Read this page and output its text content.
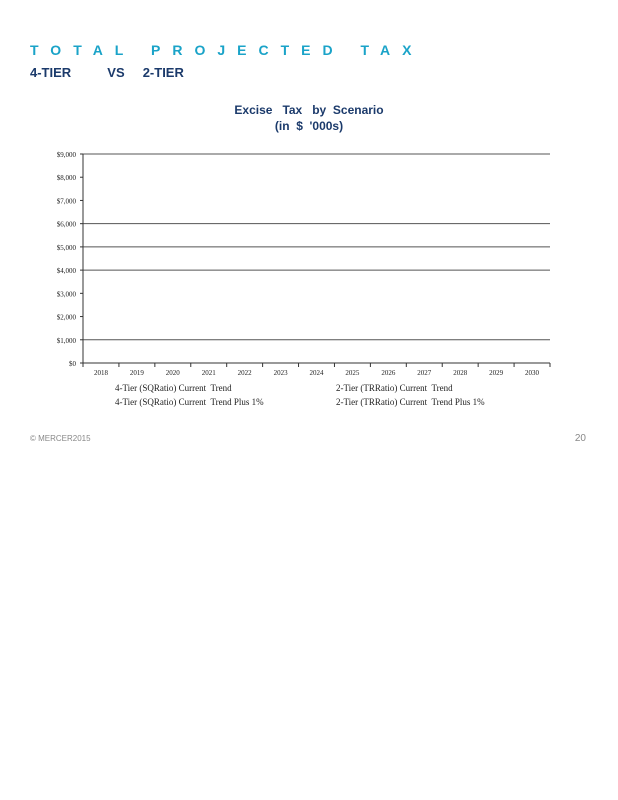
TOTAL PROJECTED TAX
4-TIER          VS     2-TIER
Excise   Tax   by  Scenario
(in  $  '000s)
$0
$1,000
$2,000
$3,000
$4,000
$5,000
$6,000
$7,000
$8,000
$9,000
2018	2019	2020	2021	2022	2023	2024	2025	2026	2027	2028	2029	2030
4-Tier (SQRatio) Current  Trend	2-Tier (TRRatio) Current  Trend
4-Tier (SQRatio) Current  Trend Plus 1%	2-Tier (TRRatio) Current  Trend Plus 1%
© MERCER2015	20
